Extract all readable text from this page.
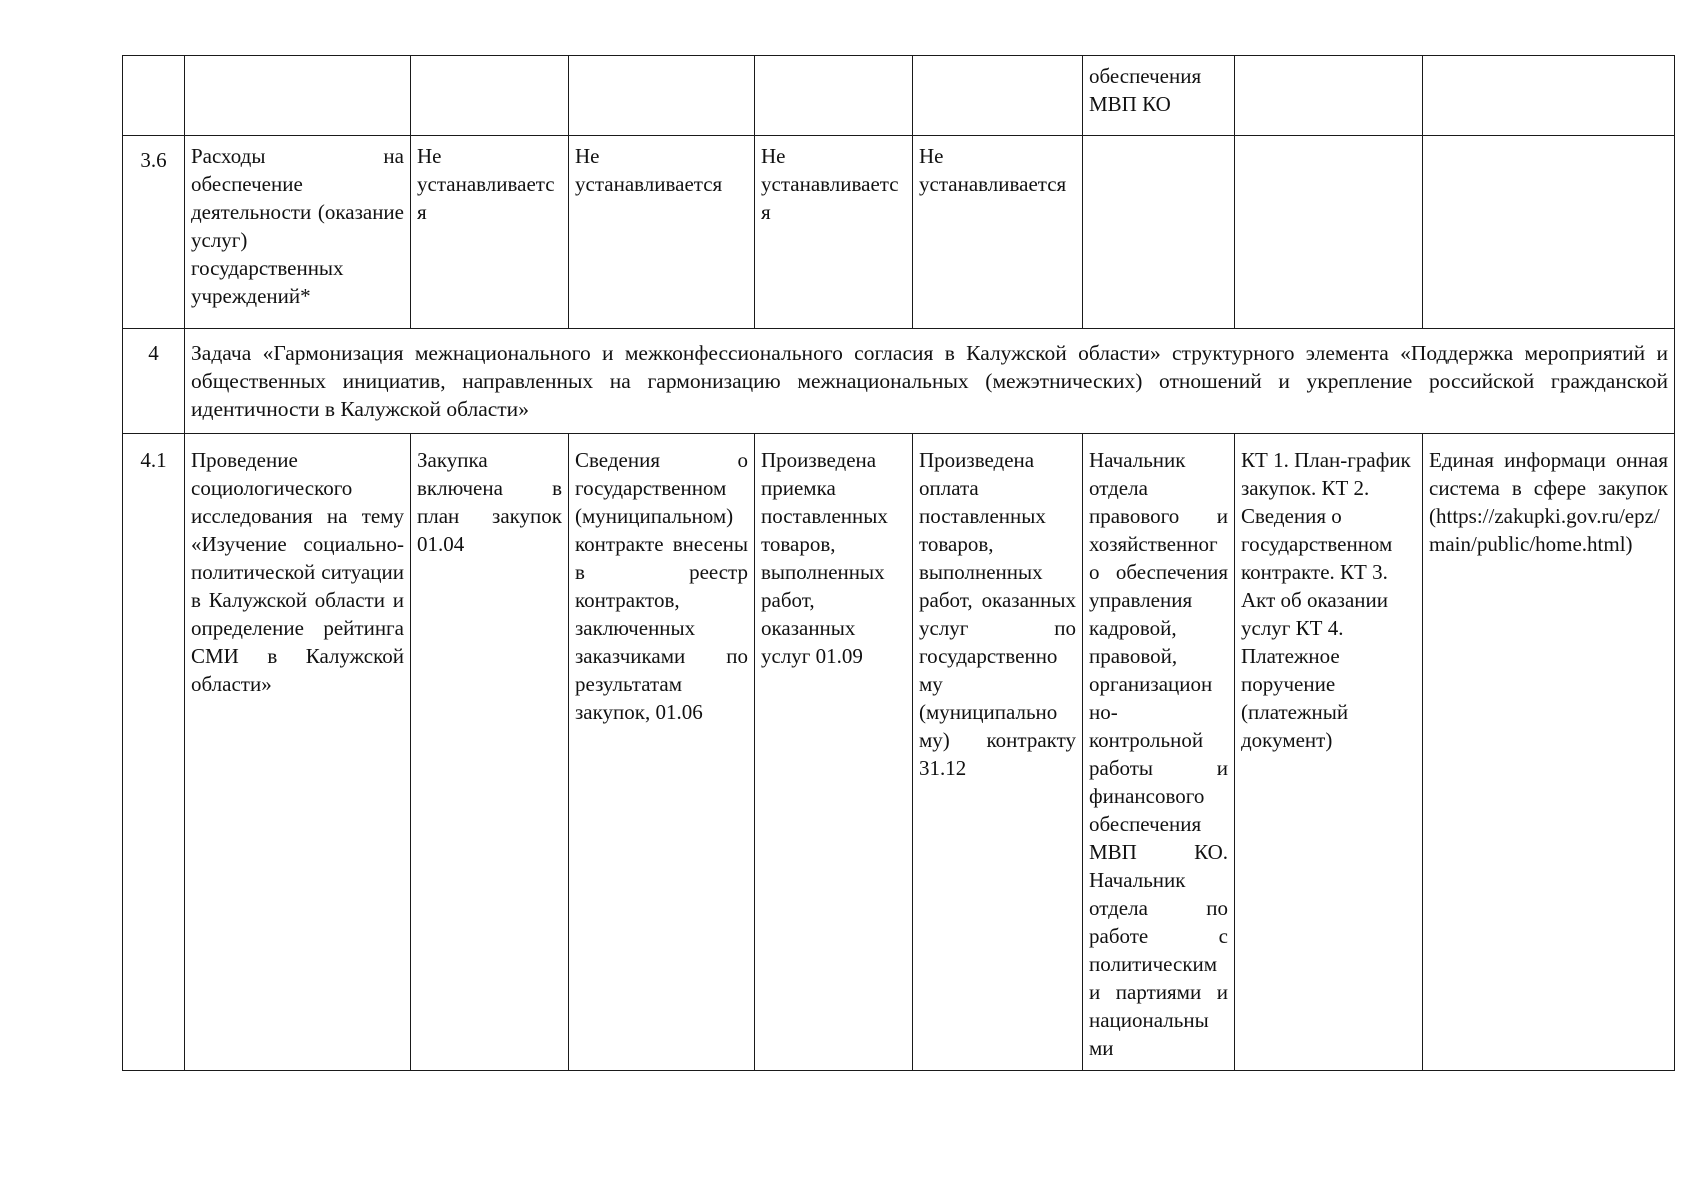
						обеспечения МВП КО		
3.6	Расходы на обеспечение деятельности (оказание услуг) государственных учреждений*	Не устанавливаетс я	Не устанавливается	Не устанавливаетс я	Не устанавливается			
4	Задача «Гармонизация межнационального и межконфессионального согласия в Калужской области» структурного элемента «Поддержка мероприятий и общественных инициатив, направленных на гармонизацию межнациональных (межэтнических) отношений и укрепление российской гражданской идентичности в Калужской области»							
4.1	Проведение социологического исследования на тему «Изучение социально-политической ситуации в Калужской области и определение рейтинга СМИ в Калужской области»	Закупка включена в план закупок 01.04	Сведения о государственном (муниципальном) контракте внесены в реестр контрактов, заключенных заказчиками по результатам закупок, 01.06	Произведена приемка поставленных товаров, выполненных работ, оказанных услуг 01.09	Произведена оплата поставленных товаров, выполненных работ, оказанных услуг по государственно му (муниципально му) контракту 31.12	Начальник отдела правового и хозяйственног о обеспечения управления кадровой, правовой, организацион но-контрольной работы и финансового обеспечения МВП КО. Начальник отдела по работе с политическим и партиями и национальны ми	КТ 1. План-график закупок. КТ 2. Сведения о государственном контракте. КТ 3. Акт об оказании услуг КТ 4. Платежное поручение (платежный документ)	Единая информаци онная система в сфере закупок (https://zakupki.gov.ru/epz/main/public/home.html)
